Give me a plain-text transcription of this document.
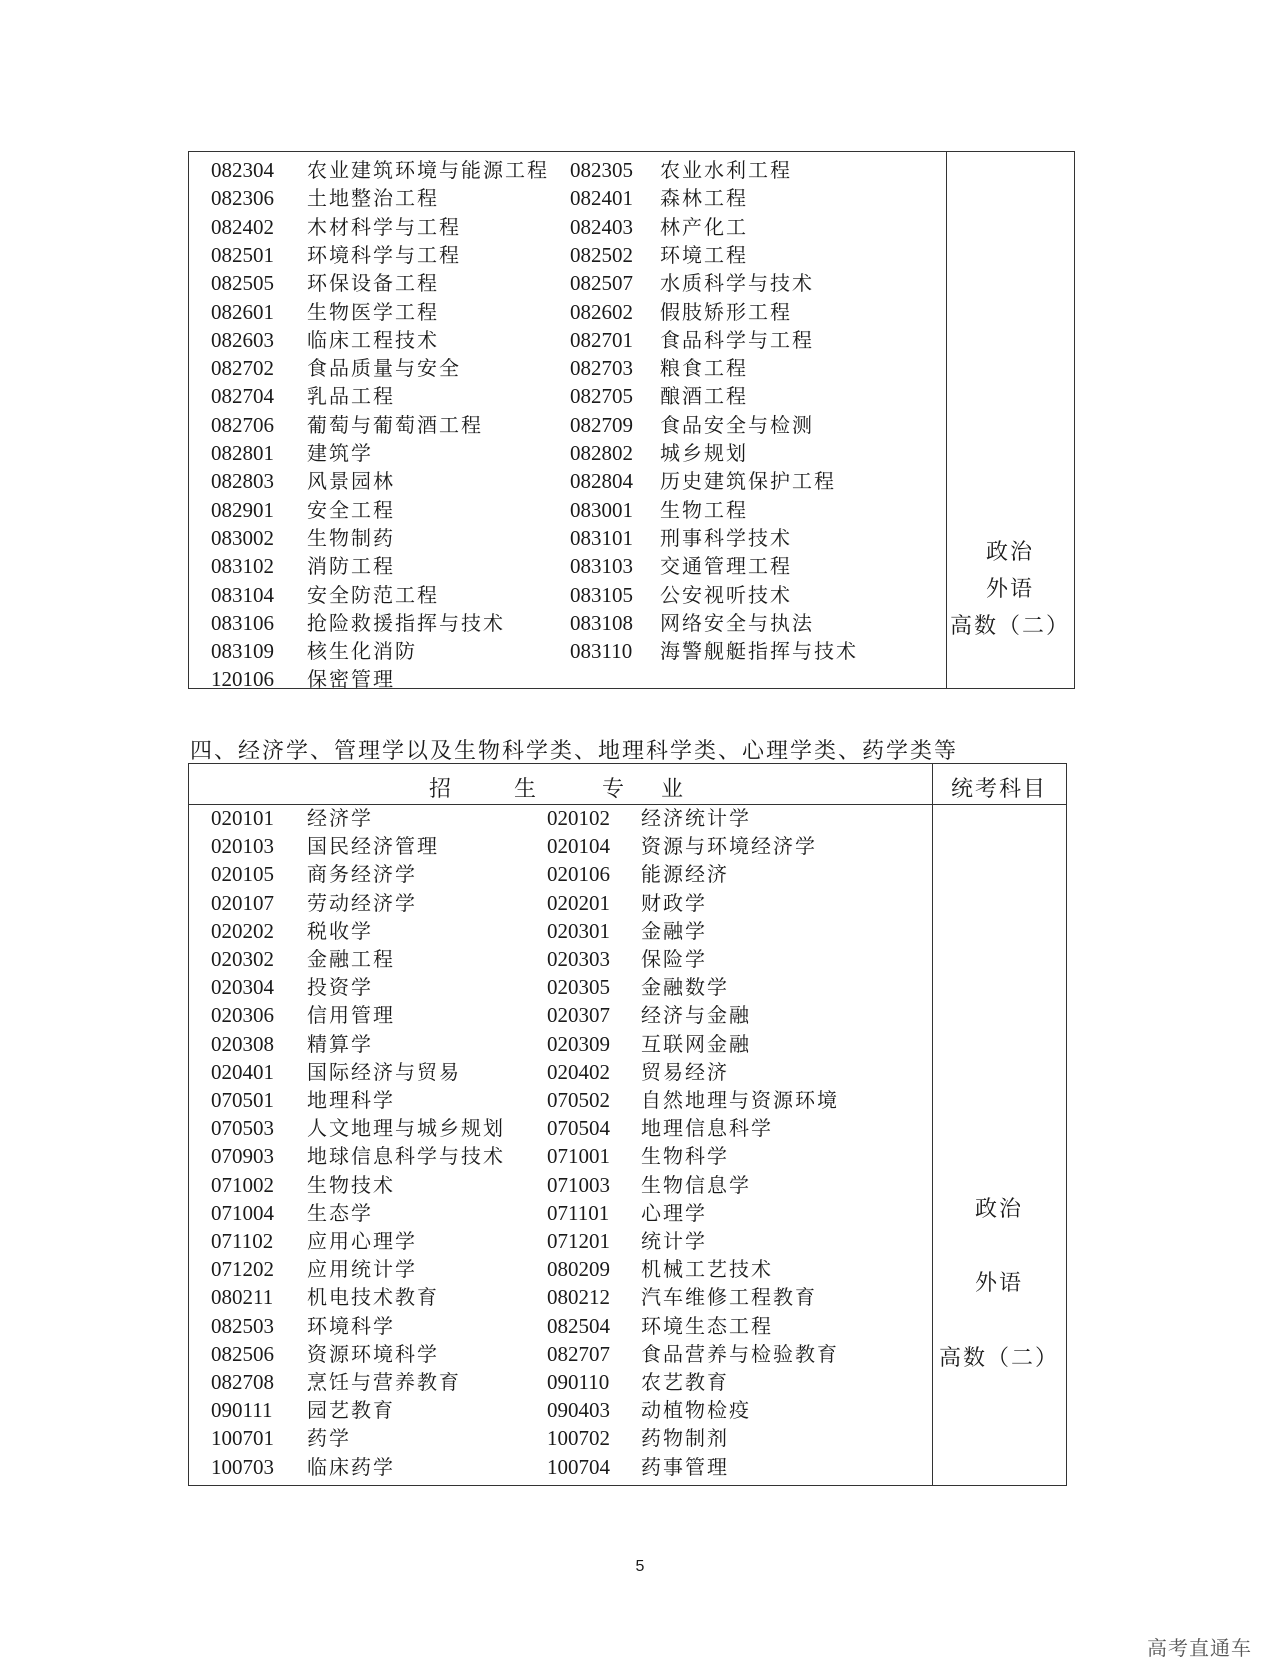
082304 农业建筑环境与能源工程 082305 农业水利工程
082306 土地整治工程	082401 森林工程
082402 木材科学与工程	082403 林产化工
082501 环境科学与工程	082502 环境工程
082505 环保设备工程	082507 水质科学与技术
082601 生物医学工程	082602 假肢矫形工程
082603 临床工程技术	082701 食品科学与工程
082702 食品质量与安全	082703 粮食工程
082704 乳品工程	082705 酿酒工程
082706 葡萄与葡萄酒工程	082709 食品安全与检测
082801 建筑学	082802 城乡规划
082803 风景园林	082804 历史建筑保护工程
082901 安全工程	083001 生物工程
083002 生物制药	083101 刑事科学技术
083102 消防工程	083103 交通管理工程
083104 安全防范工程	083105 公安视听技术
083106 抢险救援指挥与技术	083108 网络安全与执法
083109 核生化消防	083110 海警舰艇指挥与技术
120106 保密管理
政治
外语
高数（二）
四、经济学、管理学以及生物科学类、地理科学类、心理学类、药学类等
招	生	专 业	统考科目
020101 经济学	020102 经济统计学
020103 国民经济管理	020104 资源与环境经济学
020105 商务经济学	020106 能源经济
020107 劳动经济学	020201 财政学
020202 税收学	020301 金融学
020302 金融工程	020303 保险学
020304 投资学	020305 金融数学
020306 信用管理	020307 经济与金融
020308 精算学	020309 互联网金融
020401 国际经济与贸易	020402 贸易经济
070501 地理科学	070502 自然地理与资源环境
070503 人文地理与城乡规划 070504 地理信息科学
070903 地球信息科学与技术 071001 生物科学
071002 生物技术	071003 生物信息学
071004 生态学	071101 心理学
071102 应用心理学	071201 统计学
071202 应用统计学	080209 机械工艺技术
080211 机电技术教育	080212 汽车维修工程教育
082503 环境科学	082504 环境生态工程
082506 资源环境科学	082707 食品营养与检验教育
082708 烹饪与营养教育	090110 农艺教育
090111 园艺教育	090403 动植物检疫
100701 药学	100702 药物制剂
100703 临床药学	100704 药事管理
政治
外语
高数（二）
5
高考直通车
